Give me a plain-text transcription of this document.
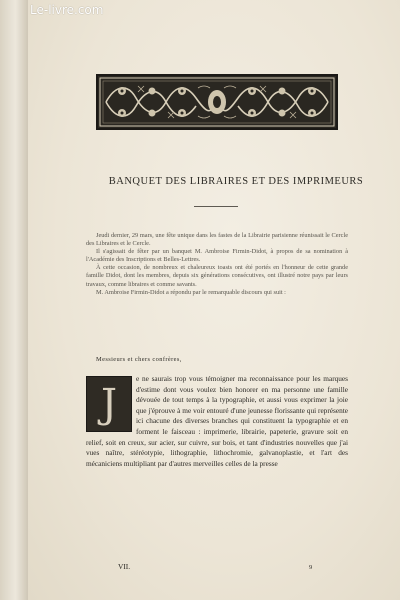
Le-livre.com
BANQUET DES LIBRAIRES ET DES IMPRIMEURS

Jeudi dernier, 29 mars, une fête unique dans les fastes de la Librairie parisienne réunissait le Cercle des Libraires et le Cercle.

Il s'agissait de fêter par un banquet M. Ambroise Firmin-Didot, à propos de sa nomination à l'Académie des Inscriptions et Belles-Lettres.

À cette occasion, de nombreux et chaleureux toasts ont été portés en l'honneur de cette grande famille Didot, dont les membres, depuis six générations consécutives, ont illustré notre pays par leurs travaux, comme libraires et comme savants.

M. Ambroise Firmin-Didot a répondu par le remarquable discours qui suit :

Messieurs et chers confrères,
J
e ne saurais trop vous témoigner ma reconnaissance pour les marques d'estime dont vous voulez bien honorer en ma personne une famille dévouée de tout temps à la typographie, et aussi vous exprimer la joie que j'éprouve à me voir entouré d'une jeunesse florissante qui représente ici chacune des diverses branches qui constituent la typographie et en forment le faisceau : imprimerie, librairie, papeterie, gravure soit en relief, soit en creux, sur acier, sur cuivre, sur bois, et tant d'industries nouvelles que j'ai vues naître, stéréotypie, lithographie, lithochromie, galvanoplastie, et l'art des mécaniciens multipliant par d'autres merveilles celles de la presse
VII.	9
